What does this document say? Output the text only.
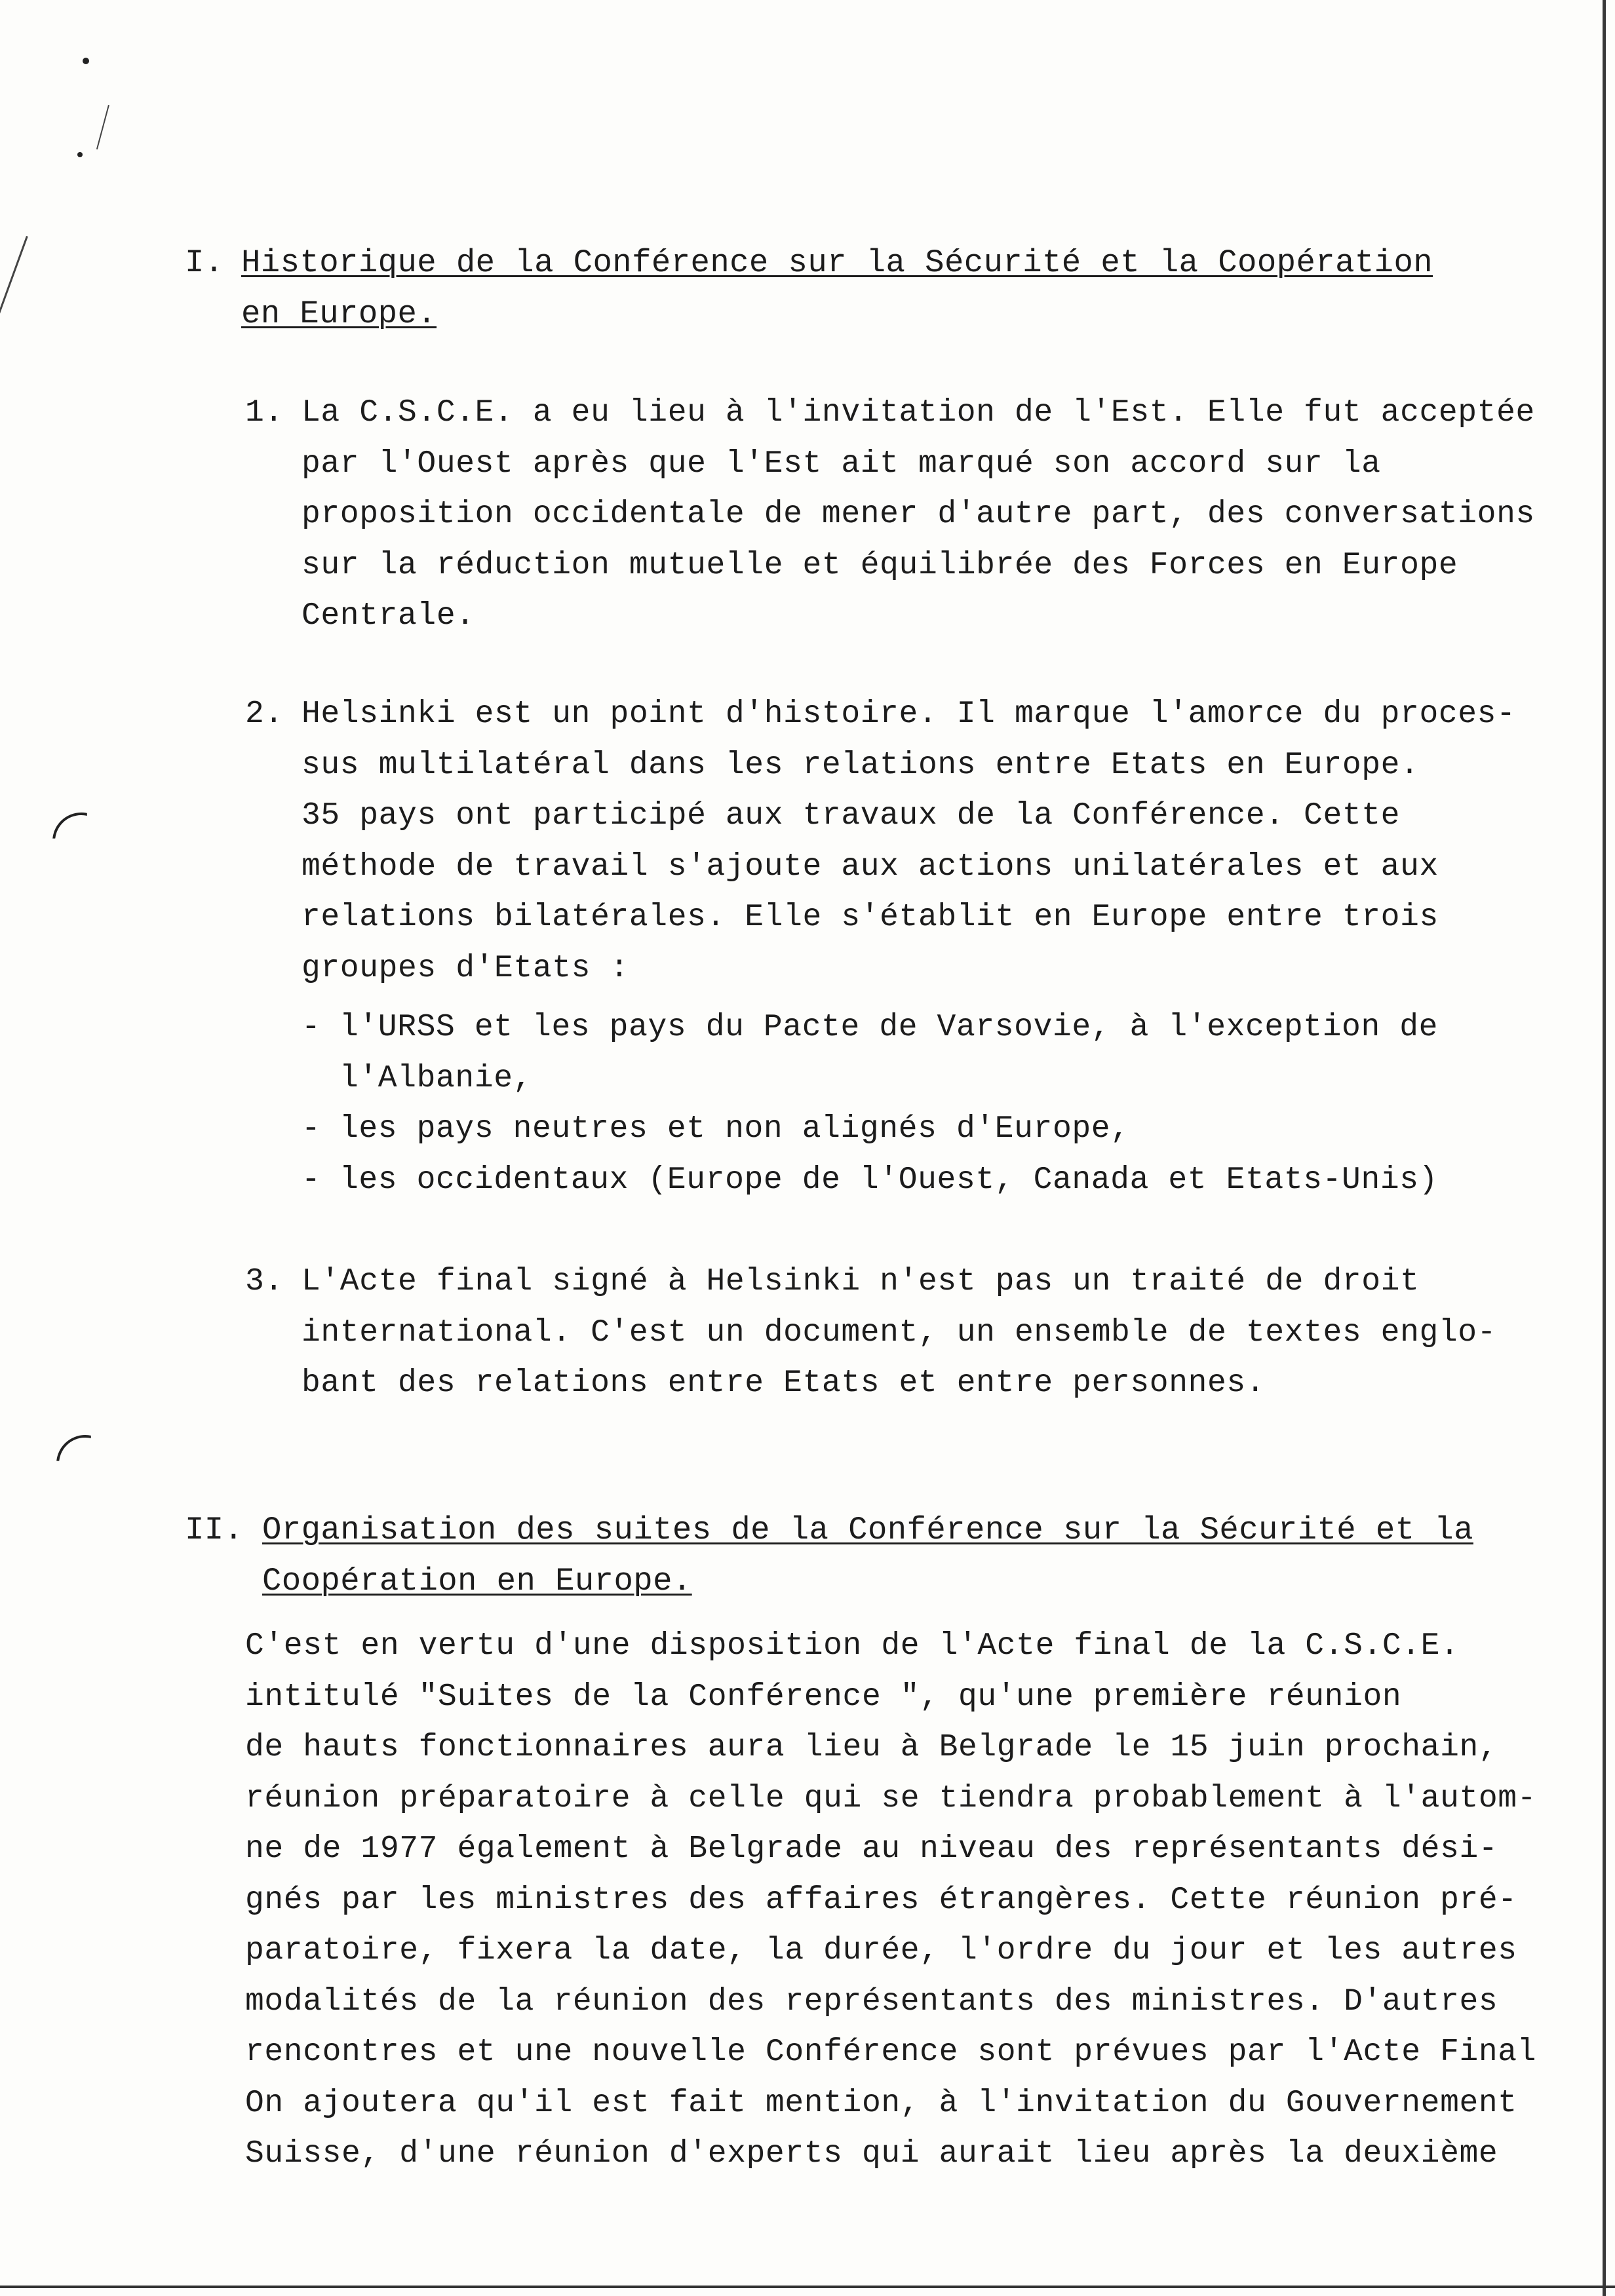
I. Historique de la Conférence sur la Sécurité et la Coopération
en Europe.
1. La C.S.C.E. a eu lieu à l'invitation de l'Est. Elle fut acceptée
par l'Ouest après que l'Est ait marqué son accord sur la
proposition occidentale de mener d'autre part, des conversations
sur la réduction mutuelle et équilibrée des Forces en Europe
Centrale.
2. Helsinki est un point d'histoire. Il marque l'amorce du proces-
sus multilatéral dans les relations entre Etats en Europe.
35 pays ont participé aux travaux de la Conférence. Cette
méthode de travail s'ajoute aux actions unilatérales et aux
relations bilatérales. Elle s'établit en Europe entre trois
groupes d'Etats :
- l'URSS et les pays du Pacte de Varsovie, à l'exception de
l'Albanie,
- les pays neutres et non alignés d'Europe,
- les occidentaux (Europe de l'Ouest, Canada et Etats-Unis)
3. L'Acte final signé à Helsinki n'est pas un traité de droit
international. C'est un document, un ensemble de textes englo-
bant des relations entre Etats et entre personnes.
II. Organisation des suites de la Conférence sur la Sécurité et la
Coopération en Europe.
C'est en vertu d'une disposition de l'Acte final de la C.S.C.E.
intitulé "Suites de la Conférence ", qu'une première réunion
de hauts fonctionnaires aura lieu à Belgrade le 15 juin prochain,
réunion préparatoire à celle qui se tiendra probablement à l'autom-
ne de 1977 également à Belgrade au niveau des représentants dési-
gnés par les ministres des affaires étrangères. Cette réunion pré-
paratoire, fixera la date, la durée, l'ordre du jour et les autres
modalités de la réunion des représentants des ministres. D'autres
rencontres et une nouvelle Conférence sont prévues par l'Acte Final
On ajoutera qu'il est fait mention, à l'invitation du Gouvernement
Suisse, d'une réunion d'experts qui aurait lieu après la deuxième
